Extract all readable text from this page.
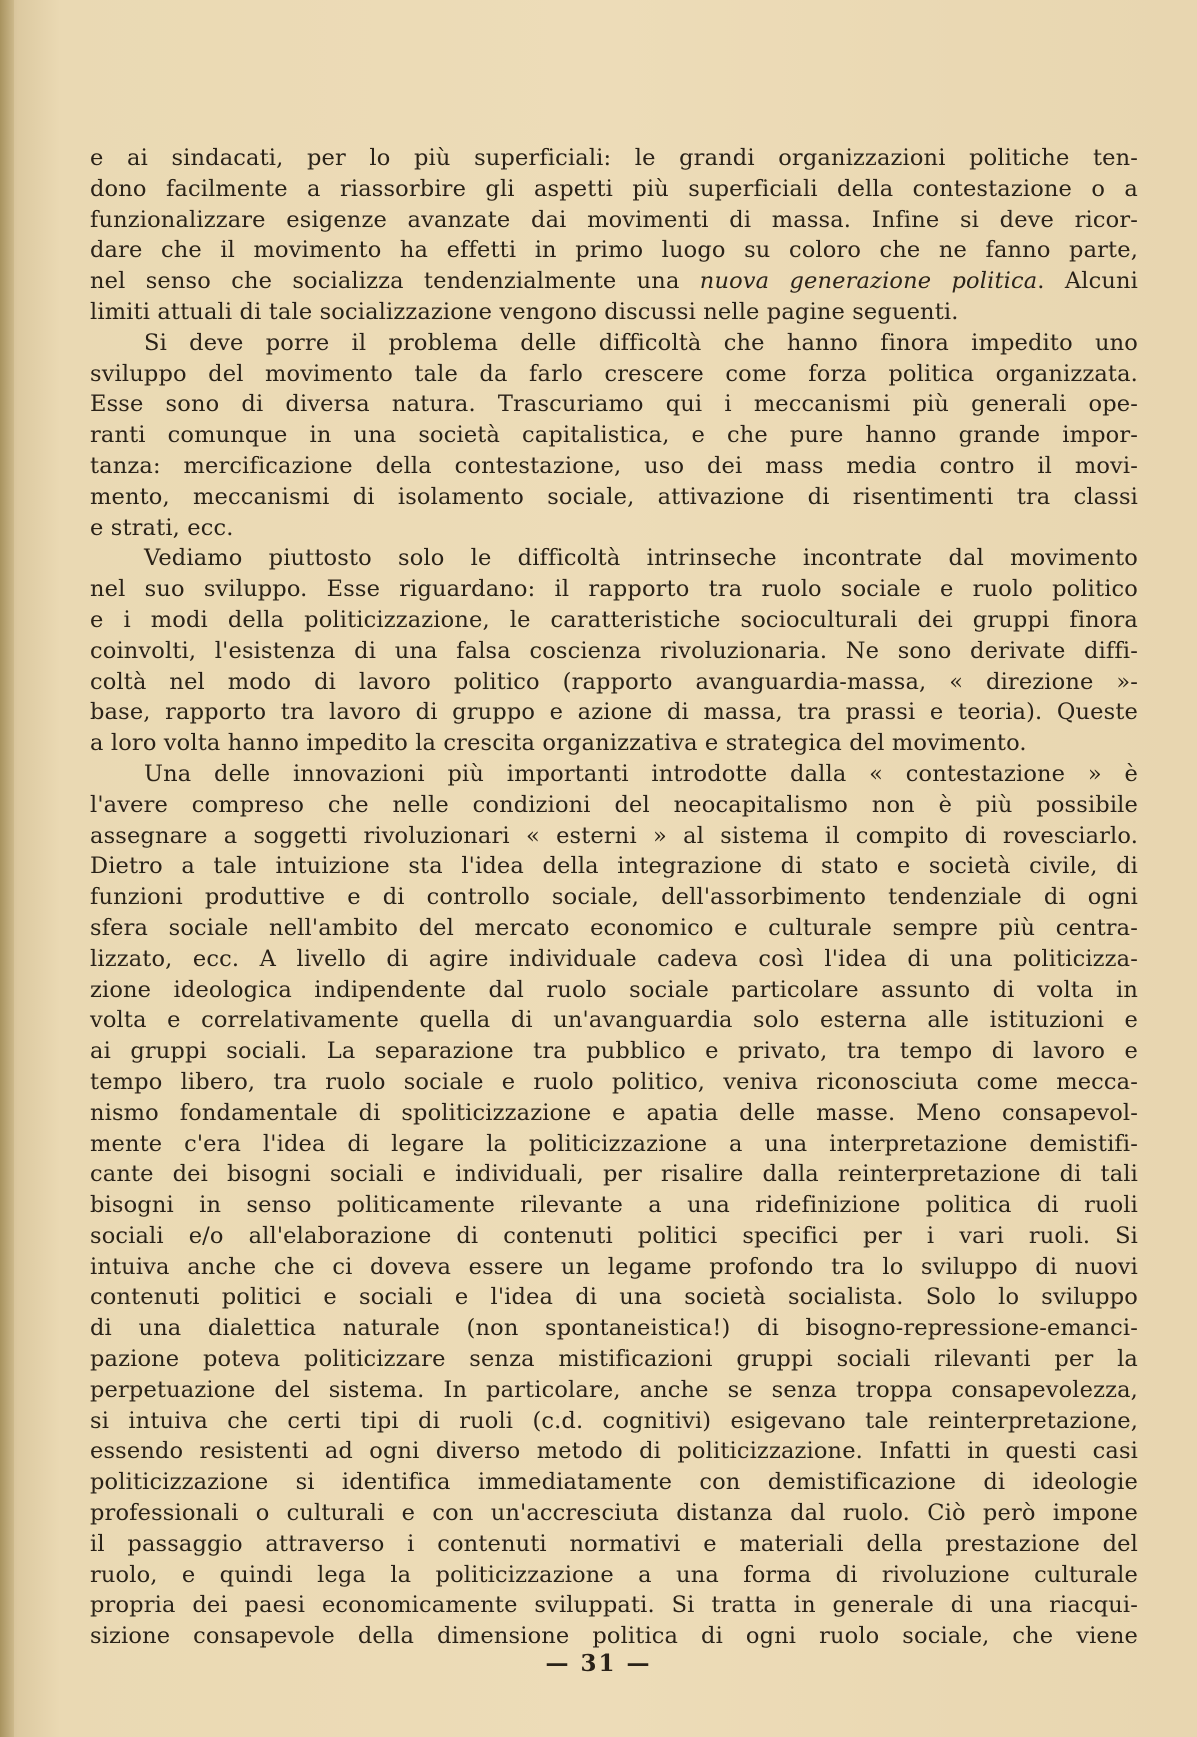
e ai sindacati, per lo più superficiali: le grandi organizzazioni politiche ten-
dono facilmente a riassorbire gli aspetti più superficiali della contestazione o a
funzionalizzare esigenze avanzate dai movimenti di massa. Infine si deve ricor-
dare che il movimento ha effetti in primo luogo su coloro che ne fanno parte,
nel senso che socializza tendenzialmente una nuova generazione politica. Alcuni
limiti attuali di tale socializzazione vengono discussi nelle pagine seguenti.
Si deve porre il problema delle difficoltà che hanno finora impedito uno
sviluppo del movimento tale da farlo crescere come forza politica organizzata.
Esse sono di diversa natura. Trascuriamo qui i meccanismi più generali ope-
ranti comunque in una società capitalistica, e che pure hanno grande impor-
tanza: mercificazione della contestazione, uso dei mass media contro il movi-
mento, meccanismi di isolamento sociale, attivazione di risentimenti tra classi
e strati, ecc.
Vediamo piuttosto solo le difficoltà intrinseche incontrate dal movimento
nel suo sviluppo. Esse riguardano: il rapporto tra ruolo sociale e ruolo politico
e i modi della politicizzazione, le caratteristiche socioculturali dei gruppi finora
coinvolti, l'esistenza di una falsa coscienza rivoluzionaria. Ne sono derivate diffi-
coltà nel modo di lavoro politico (rapporto avanguardia-massa, « direzione »-
base, rapporto tra lavoro di gruppo e azione di massa, tra prassi e teoria). Queste
a loro volta hanno impedito la crescita organizzativa e strategica del movimento.
Una delle innovazioni più importanti introdotte dalla « contestazione » è
l'avere compreso che nelle condizioni del neocapitalismo non è più possibile
assegnare a soggetti rivoluzionari « esterni » al sistema il compito di rovesciarlo.
Dietro a tale intuizione sta l'idea della integrazione di stato e società civile, di
funzioni produttive e di controllo sociale, dell'assorbimento tendenziale di ogni
sfera sociale nell'ambito del mercato economico e culturale sempre più centra-
lizzato, ecc. A livello di agire individuale cadeva così l'idea di una politicizza-
zione ideologica indipendente dal ruolo sociale particolare assunto di volta in
volta e correlativamente quella di un'avanguardia solo esterna alle istituzioni e
ai gruppi sociali. La separazione tra pubblico e privato, tra tempo di lavoro e
tempo libero, tra ruolo sociale e ruolo politico, veniva riconosciuta come mecca-
nismo fondamentale di spoliticizzazione e apatia delle masse. Meno consapevol-
mente c'era l'idea di legare la politicizzazione a una interpretazione demistifi-
cante dei bisogni sociali e individuali, per risalire dalla reinterpretazione di tali
bisogni in senso politicamente rilevante a una ridefinizione politica di ruoli
sociali e/o all'elaborazione di contenuti politici specifici per i vari ruoli. Si
intuiva anche che ci doveva essere un legame profondo tra lo sviluppo di nuovi
contenuti politici e sociali e l'idea di una società socialista. Solo lo sviluppo
di una dialettica naturale (non spontaneistica!) di bisogno-repressione-emanci-
pazione poteva politicizzare senza mistificazioni gruppi sociali rilevanti per la
perpetuazione del sistema. In particolare, anche se senza troppa consapevolezza,
si intuiva che certi tipi di ruoli (c.d. cognitivi) esigevano tale reinterpretazione,
essendo resistenti ad ogni diverso metodo di politicizzazione. Infatti in questi casi
politicizzazione si identifica immediatamente con demistificazione di ideologie
professionali o culturali e con un'accresciuta distanza dal ruolo. Ciò però impone
il passaggio attraverso i contenuti normativi e materiali della prestazione del
ruolo, e quindi lega la politicizzazione a una forma di rivoluzione culturale
propria dei paesi economicamente sviluppati. Si tratta in generale di una riacqui-
sizione consapevole della dimensione politica di ogni ruolo sociale, che viene
— 31 —
